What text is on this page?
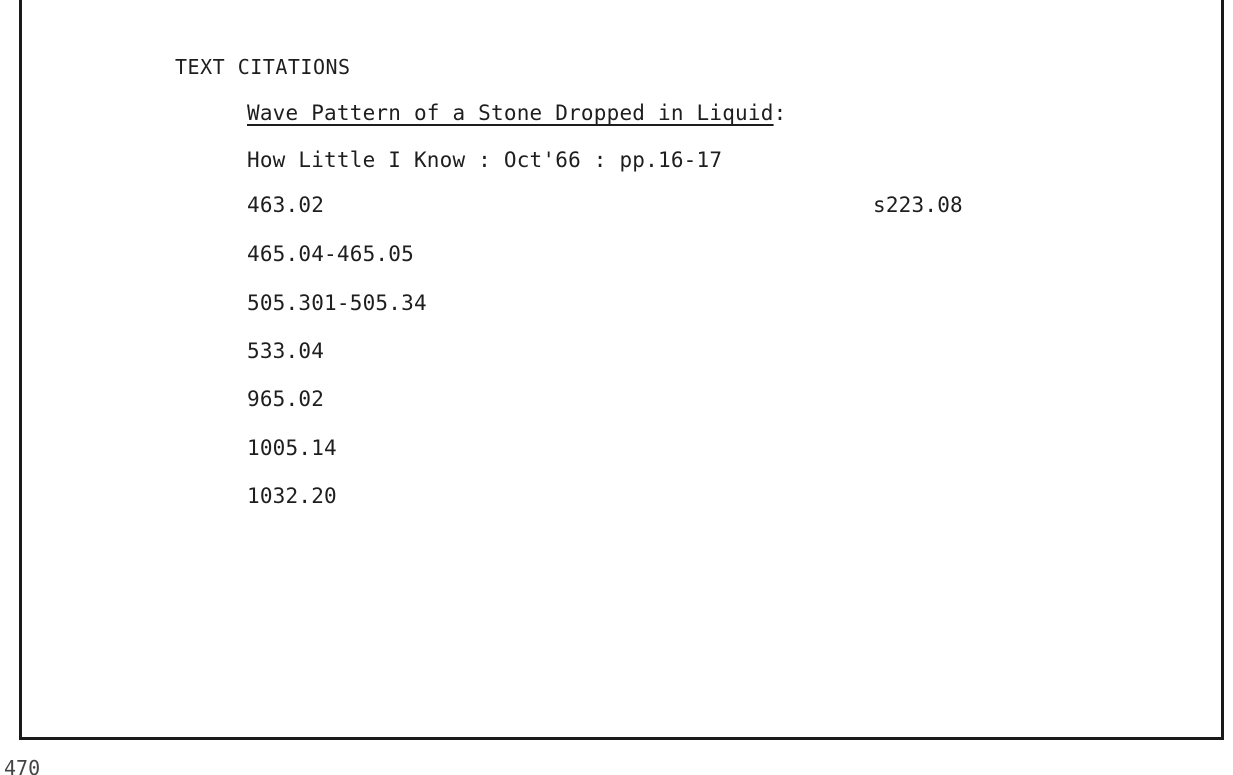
TEXT CITATIONS
Wave Pattern of a Stone Dropped in Liquid:
How Little I Know : Oct'66 : pp.16-17
463.02
465.04-465.05
505.301-505.34
533.04
965.02
1005.14
1032.20
s223.08
470
